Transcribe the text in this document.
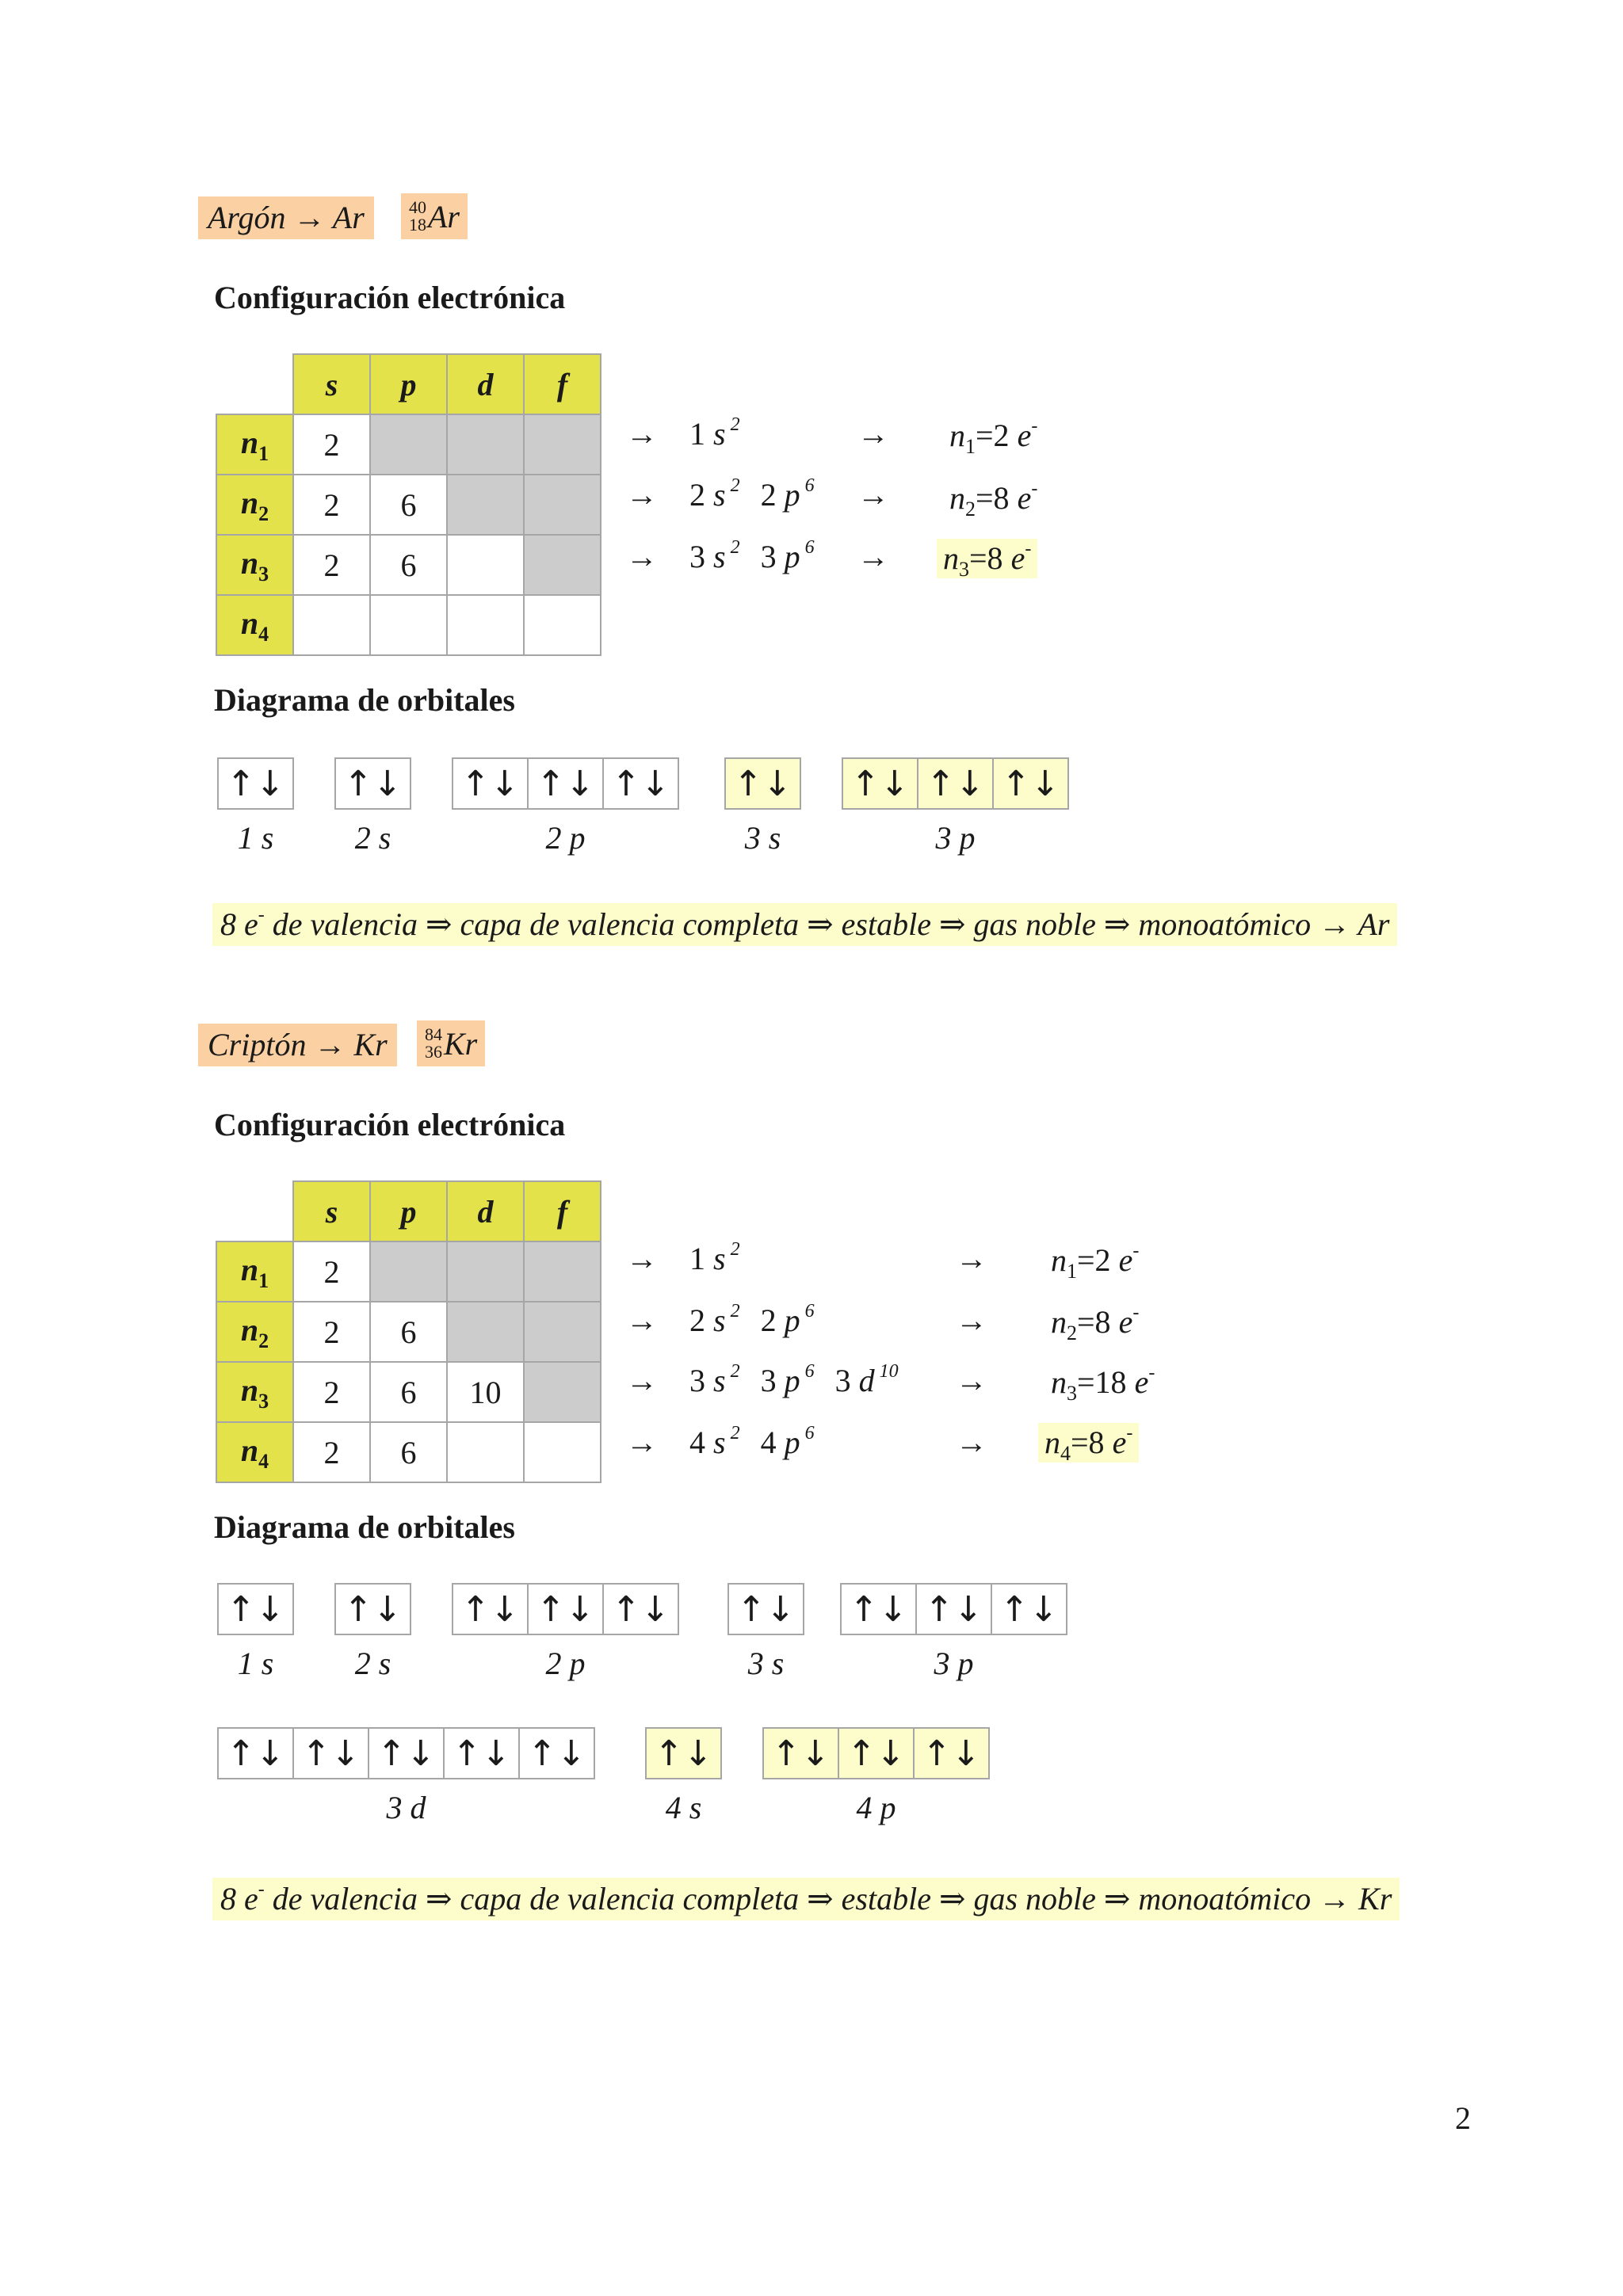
Argón → Ar	40
18 Ar
Configuración electrónica
	s	p	d	f
$n_1$	2			
$n_2$	2	6		
$n_3$	2	6		
$n_4$				
→ 1 s $^2$	→ $n_1=2$ e-
→ 2 s $^2$ 2 p $^6 \to n_2=8$ e-
→ 3 s $^2$ 3 p $^6 \to n_3=8$ e-
Diagrama de orbitales
↑↓ ↑↓ ↑↓ ↑↓ ↑↓ ↑↓ ↑↓ ↑↓ ↑↓
1 s	2 s	2 p	3 s	3 p
8 e- de valencia ⇒ capa de valencia completa ⇒ estable ⇒ gas noble ⇒ monoatómico → Ar
Criptón → Kr	84
36 Kr
Configuración electrónica
	s	p	d	f
$n_1$	2			
$n_2$	2	6		
$n_3$	2	6	10	
$n_4$	2	6		
→ 1 s $^2$	→ $n_1=2$ e-
→ 2 s $^2$ 2 p $^6$	→ $n_2=8$ e-
→ 3 s $^2$ 3 p $^6$ 3 d $^{10} \to n_3=18$ e-
→ 4 s $^2$ 4 p $^6$	→ $n_4=8$ e-
Diagrama de orbitales
↑↓ ↑↓ ↑↓ ↑↓ ↑↓ ↑↓ ↑↓ ↑↓ ↑↓
1 s	2 s	2 p	3 s	3 p
↑↓ ↑↓ ↑↓ ↑↓ ↑↓ ↑↓ ↑↓ ↑↓ ↑↓
3 d	4 s	4 p
8 e- de valencia ⇒ capa de valencia completa ⇒ estable ⇒ gas noble ⇒ monoatómico → Kr
2
